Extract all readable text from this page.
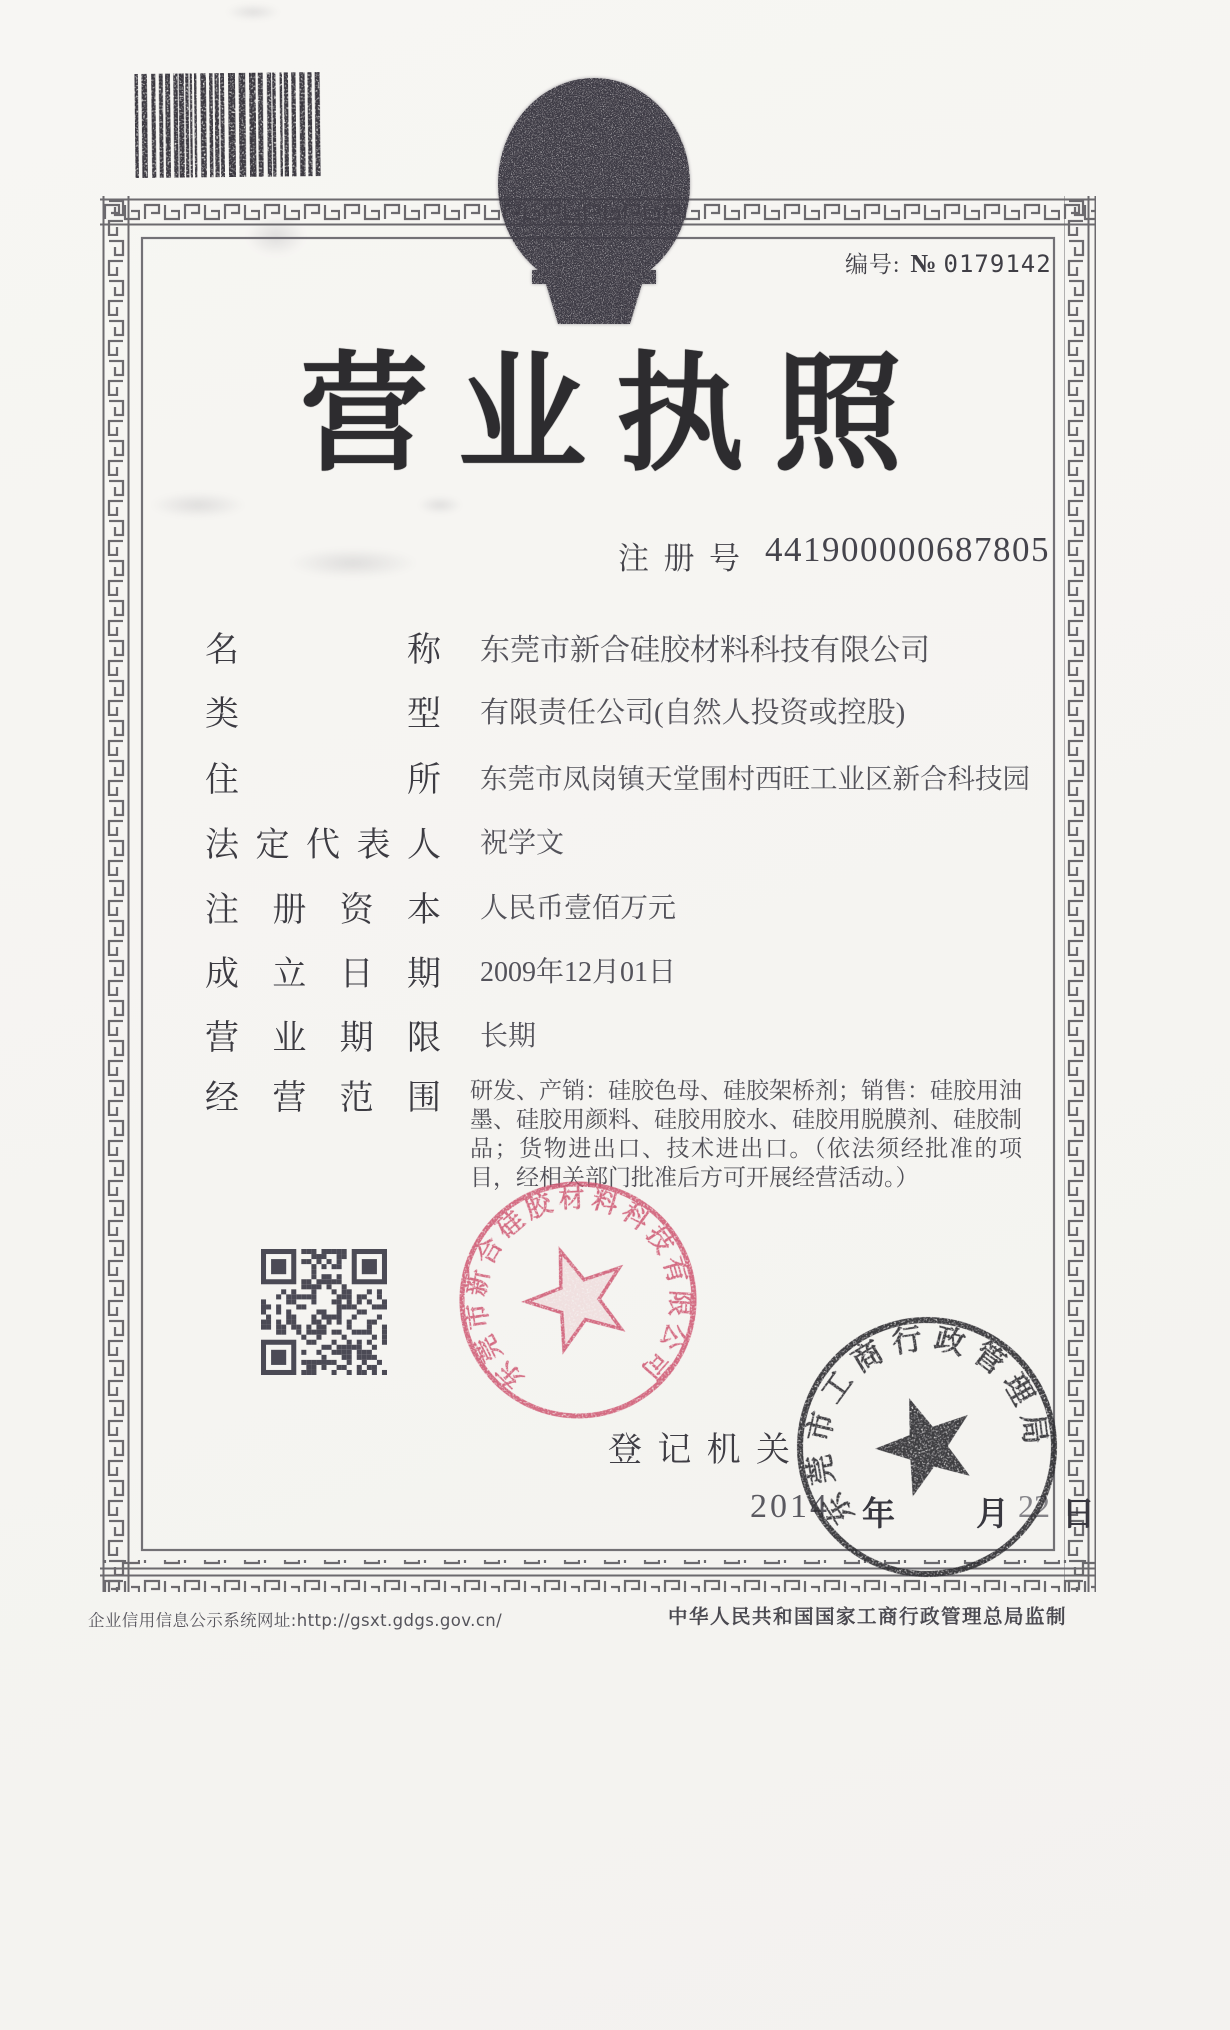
编号: № 0179142
营业执照
注 册 号 441900000687805
名	称 东莞市新合硅胶材料科技有限公司
类	型 有限责任公司(自然人投资或控股)
住	所 东莞市凤岗镇天堂围村西旺工业区新合科技园
法 定 代 表 人 祝学文
注 册 资 本 人民币壹佰万元
成 立 日 期 2009年12月01日
营 业 期 限 长期
经 营 范 围 研发、产销：硅胶色母、硅胶架桥剂；销售：硅胶用油墨、硅胶用颜料、硅胶用胶水、硅胶用脱膜剂、硅胶制品；货物进出口、技术进出口。（依法须经批准的项目，经相关部门批准后方可开展经营活动。）
东莞市新合硅胶材料科技有限公司
登 记 机 关
东莞市工商行政管理局
2014 年 月 22 日
企业信用信息公示系统网址:http://gsxt.gdgs.gov.cn/	中华人民共和国国家工商行政管理总局监制
